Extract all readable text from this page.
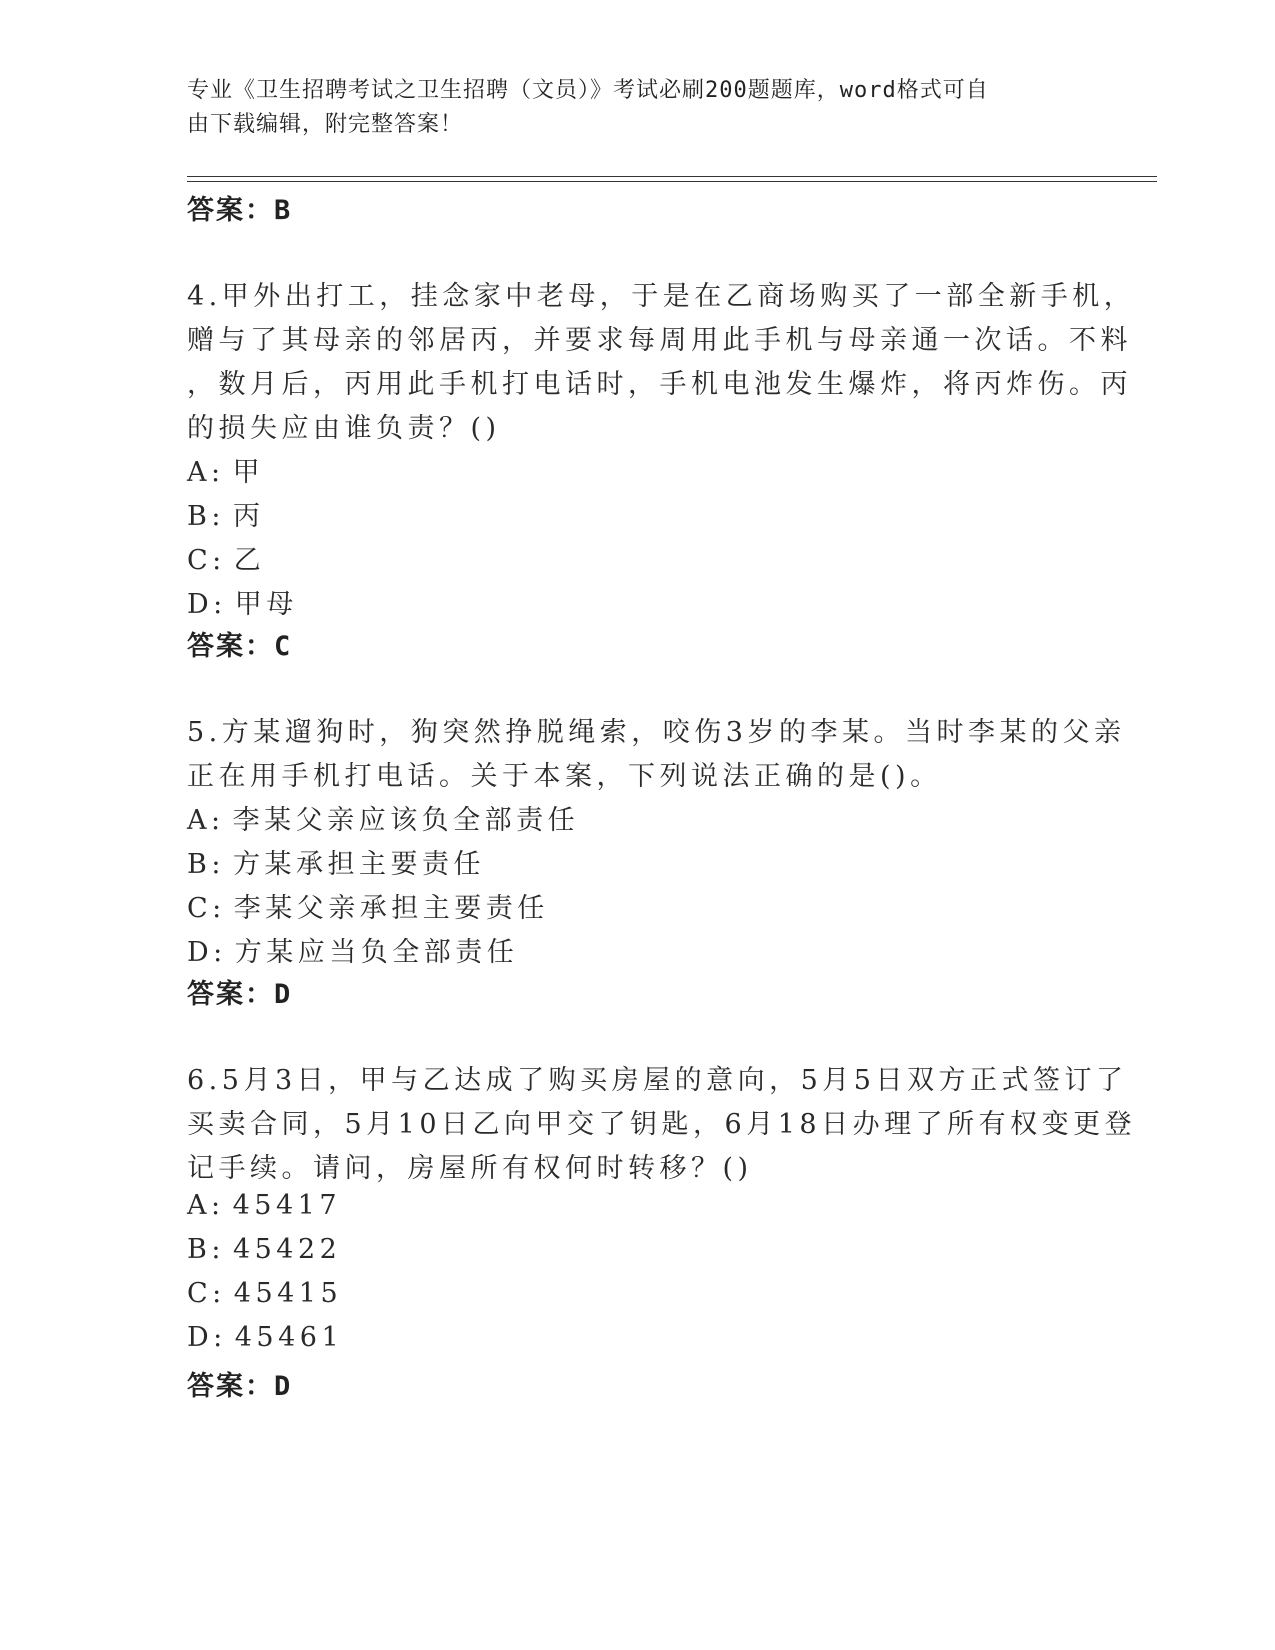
专业《卫生招聘考试之卫生招聘（文员）》考试必刷200题题库，word格式可自
由下载编辑，附完整答案！
答案：B
4.甲外出打工，挂念家中老母，于是在乙商场购买了一部全新手机，
赠与了其母亲的邻居丙，并要求每周用此手机与母亲通一次话。不料
，数月后，丙用此手机打电话时，手机电池发生爆炸，将丙炸伤。丙
的损失应由谁负责？()
A: 甲
B: 丙
C: 乙
D: 甲母
答案：C
5.方某遛狗时，狗突然挣脱绳索，咬伤3岁的李某。当时李某的父亲
正在用手机打电话。关于本案，下列说法正确的是()。
A: 李某父亲应该负全部责任
B: 方某承担主要责任
C: 李某父亲承担主要责任
D: 方某应当负全部责任
答案：D
6.5月3日，甲与乙达成了购买房屋的意向，5月5日双方正式签订了
买卖合同，5月10日乙向甲交了钥匙，6月18日办理了所有权变更登
记手续。请问，房屋所有权何时转移？()
A: 45417
B: 45422
C: 45415
D: 45461
答案：D
